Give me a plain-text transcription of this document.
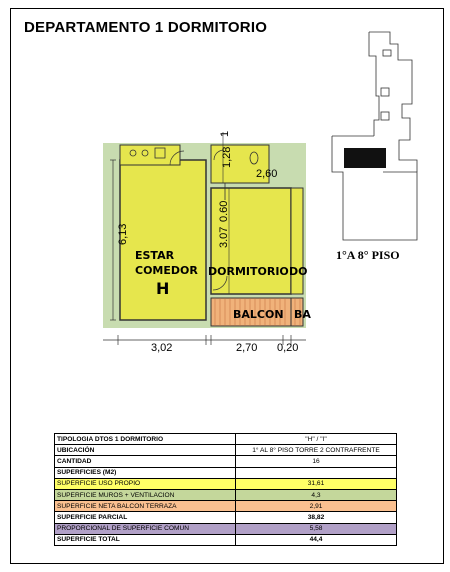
DEPARTAMENTO 1 DORMITORIO
ESTAR
COMEDOR
H
DORMITORIO DO
BALCON BA
6,13	3.07
0.60
1,28
2,60
1
3,02	2,70 0,20
1°A 8° PISO
TIPOLOGIA DTOS 1 DORMITORIO	"H" / "I"
UBICACIÓN	1° AL 8° PISO TORRE 2 CONTRAFRENTE
CANTIDAD	16
SUPERFICIES (M2)	
SUPERFICIE USO PROPIO	31,61
SUPERFICIE MUROS + VENTILACION	4,3
SUPERFICIE NETA BALCON TERRAZA	2,91
SUPERFICIE PARCIAL	38,82
PROPORCIONAL DE SUPERFICIE COMUN	5,58
SUPERFICIE TOTAL	44,4
